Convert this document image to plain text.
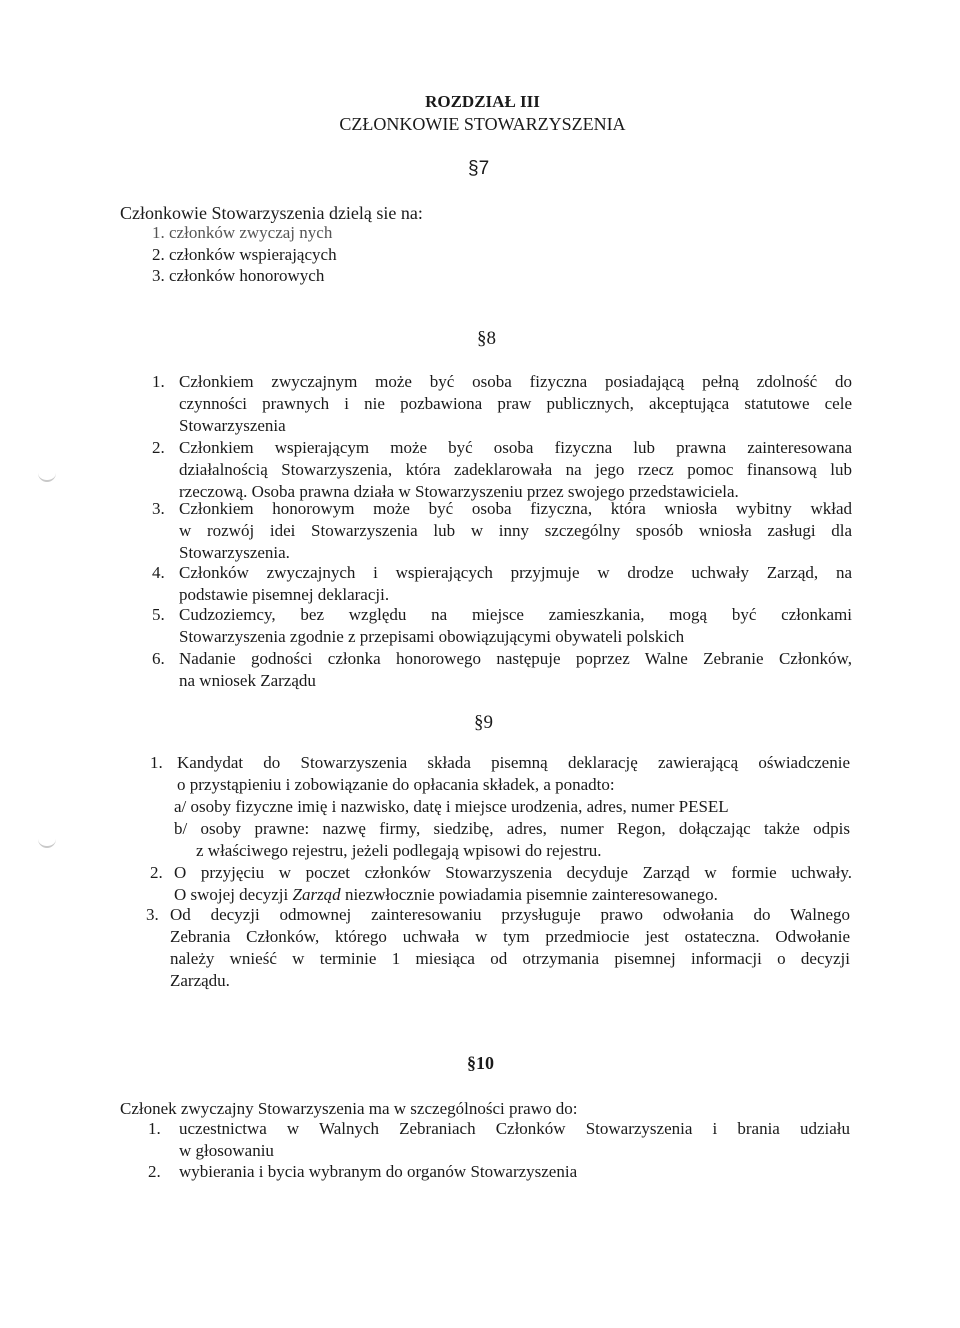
ROZDZIAŁ III
CZŁONKOWIE STOWARZYSZENIA
§7
Członkowie Stowarzyszenia dzielą sie na:
1. członków zwyczaj nych
2. członków wspierających
3. członków honorowych
§8
1. Członkiem zwyczajnym może być osoba fizyczna posiadającą pełną zdolność do
czynności prawnych i nie pozbawiona praw publicznych, akceptująca statutowe cele
Stowarzyszenia
2. Członkiem wspierającym może być osoba fizyczna lub prawna zainteresowana
działalnością Stowarzyszenia, która zadeklarowała na jego rzecz pomoc finansową lub
rzeczową. Osoba prawna działa w Stowarzyszeniu przez swojego przedstawiciela.
3. Członkiem honorowym może być osoba fizyczna, która wniosła wybitny wkład
w rozwój idei Stowarzyszenia lub w inny szczególny sposób wniosła zasługi dla
Stowarzyszenia.
4. Członków zwyczajnych i wspierających przyjmuje w drodze uchwały Zarząd, na
podstawie pisemnej deklaracji.
5. Cudzoziemcy, bez względu na miejsce zamieszkania, mogą być członkami
Stowarzyszenia zgodnie z przepisami obowiązującymi obywateli polskich
6. Nadanie godności członka honorowego następuje poprzez Walne Zebranie Członków,
na wniosek Zarządu
§9
1. Kandydat do Stowarzyszenia składa pisemną deklarację zawierającą oświadczenie
o przystąpieniu i zobowiązanie do opłacania składek, a ponadto:
a/ osoby fizyczne imię i nazwisko, datę i miejsce urodzenia, adres, numer PESEL
b/ osoby prawne: nazwę firmy, siedzibę, adres, numer Regon, dołączając także odpis
z właściwego rejestru, jeżeli podlegają wpisowi do rejestru.
2. O przyjęciu w poczet członków Stowarzyszenia decyduje Zarząd w formie uchwały.
O swojej decyzji Zarząd niezwłocznie powiadamia pisemnie zainteresowanego.
3. Od decyzji odmownej zainteresowaniu przysługuje prawo odwołania do Walnego
Zebrania Członków, którego uchwała w tym przedmiocie jest ostateczna. Odwołanie
należy wnieść w terminie 1 miesiąca od otrzymania pisemnej informacji o decyzji
Zarządu.
§10
Członek zwyczajny Stowarzyszenia ma w szczególności prawo do:
1. uczestnictwa w Walnych Zebraniach Członków Stowarzyszenia i brania udziału
w głosowaniu
2. wybierania i bycia wybranym do organów Stowarzyszenia
